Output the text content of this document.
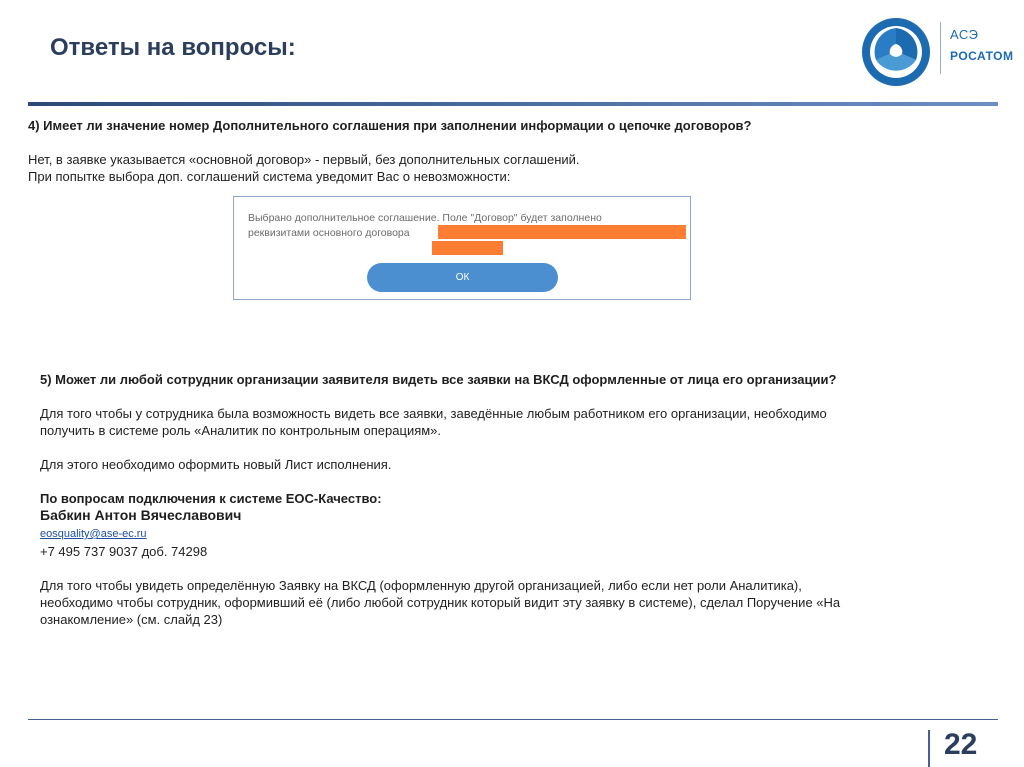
Ответы на вопросы:	АСЭ
РОСАТОМ
4) Имеет ли значение номер Дополнительного соглашения при заполнении информации о цепочке договоров?
Нет, в заявке указывается «основной договор» - первый, без дополнительных соглашений.
При попытке выбора доп. соглашений система уведомит Вас о невозможности:
Выбрано дополнительное соглашение. Поле "Договор" будет заполнено
реквизитами основного договора
ОК

5) Может ли любой сотрудник организации заявителя видеть все заявки на ВКСД оформленные от лица его организации?

Для того чтобы у сотрудника была возможность видеть все заявки, заведённые любым работником его организации, необходимо

получить в системе роль «Аналитик по контрольным операциям».

Для этого необходимо оформить новый Лист исполнения.

По вопросам подключения к системе ЕОС-Качество:

Бабкин Антон Вячеславович

eosquality@ase-ec.ru

+7 495 737 9037 доб. 74298

Для того чтобы увидеть определённую Заявку на ВКСД (оформленную другой организацией, либо если нет роли Аналитика),

необходимо чтобы сотрудник, оформивший её (либо любой сотрудник который видит эту заявку в системе), сделал Поручение «На

ознакомление» (см. слайд 23)

22
